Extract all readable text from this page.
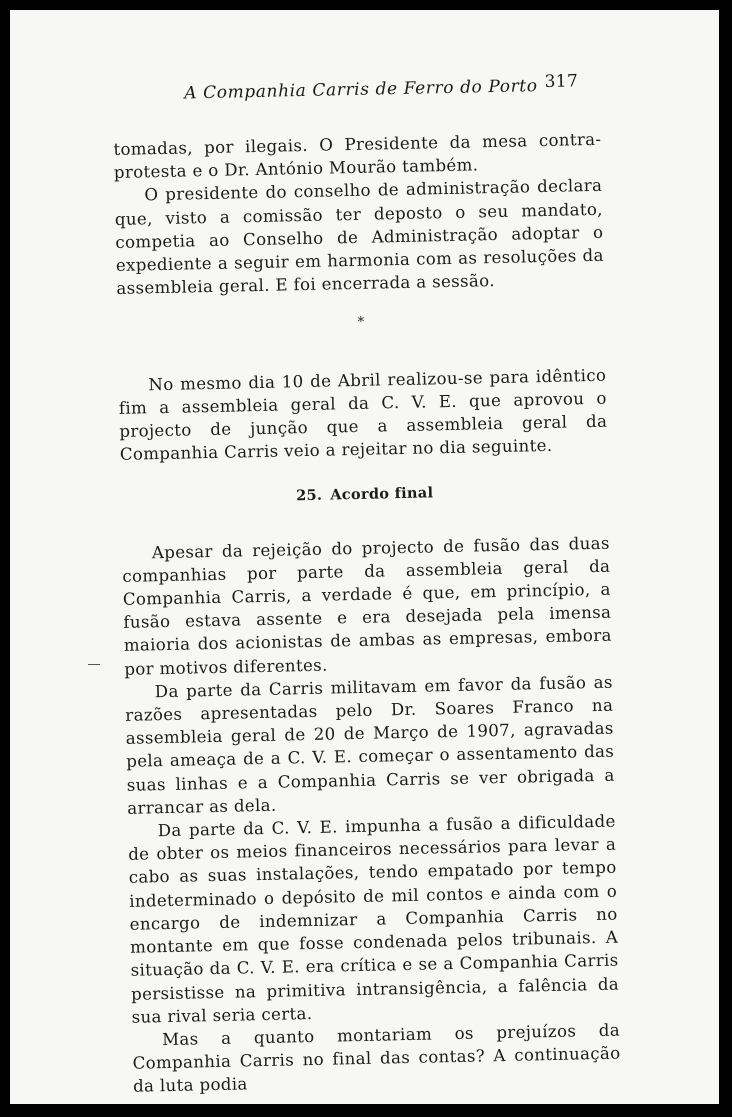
A Companhia Carris de Ferro do Porto 317

tomadas, por ilegais. O Presidente da mesa contra-protesta e o Dr. António Mourão também.

O presidente do conselho de administração declara que, visto a comissão ter deposto o seu mandato, competia ao Conselho de Administração adoptar o expediente a seguir em harmonia com as resoluções da assembleia geral. E foi encerrada a sessão.

*

No mesmo dia 10 de Abril realizou-se para idêntico fim a assembleia geral da C. V. E. que aprovou o projecto de junção que a assembleia geral da Companhia Carris veio a rejeitar no dia seguinte.

25. Acordo final

Apesar da rejeição do projecto de fusão das duas companhias por parte da assembleia geral da Companhia Carris, a verdade é que, em princípio, a fusão estava assente e era desejada pela imensa maioria dos acionistas de ambas as empresas, embora por motivos diferentes.

Da parte da Carris militavam em favor da fusão as razões apresentadas pelo Dr. Soares Franco na assembleia geral de 20 de Março de 1907, agravadas pela ameaça de a C. V. E. começar o assentamento das suas linhas e a Companhia Carris se ver obrigada a arrancar as dela.

Da parte da C. V. E. impunha a fusão a dificuldade de obter os meios financeiros necessários para levar a cabo as suas instalações, tendo empatado por tempo indeterminado o depósito de mil contos e ainda com o encargo de indemnizar a Companhia Carris no montante em que fosse condenada pelos tribunais. A situação da C. V. E. era crítica e se a Companhia Carris persistisse na primitiva intransigência, a falência da sua rival seria certa.

Mas a quanto montariam os prejuízos da Companhia Carris no final das contas? A continuação da luta podia
